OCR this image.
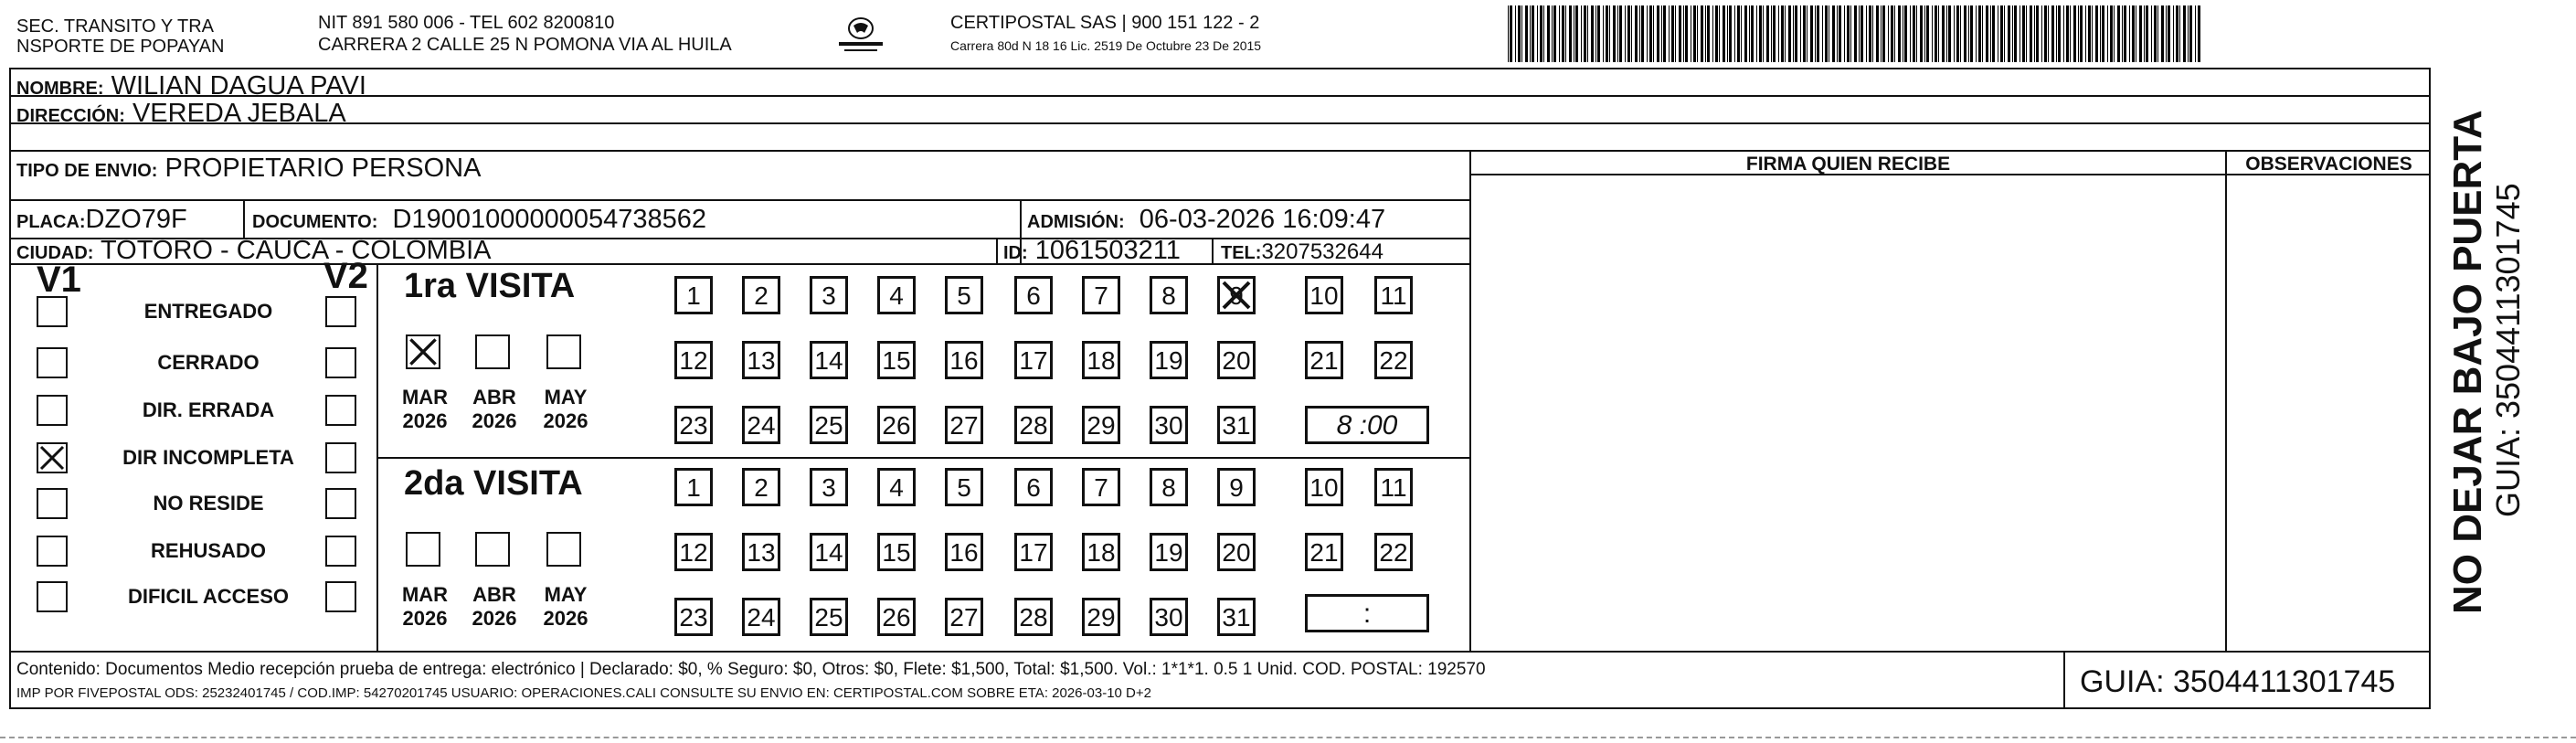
SEC. TRANSITO Y TRA
NSPORTE DE POPAYAN
NIT 891 580 006 - TEL 602 8200810
CARRERA 2 CALLE 25 N POMONA VIA AL HUILA
CERTIPOSTAL SAS | 900 151 122 - 2
Carrera 80d N 18 16 Lic. 2519 De Octubre 23 De 2015
NOMBRE: WILIAN DAGUA PAVI
DIRECCIÓN: VEREDA JEBALA
TIPO DE ENVIO: PROPIETARIO PERSONA	FIRMA QUIEN RECIBE	OBSERVACIONES
PLACA:DZO79F	DOCUMENTO: D19001000000054738562	ADMISIÓN: 06-03-2026 16:09:47
CIUDAD: TOTORO - CAUCA - COLOMBIA	ID: 1061503211 TEL:3207532644
V1	V2
ENTREGADO
CERRADO
DIR. ERRADA
DIR INCOMPLETA
NO RESIDE
REHUSADO
DIFICIL ACCESO
1ra VISITA
2da VISITA
MAR
2026
ABR
2026
MAY
2026
MAR
2026
ABR
2026
MAY
2026
1	2	3	4	5	6	7	8	9	10 11
12 13 14 15 16 17 18 19 20 21 22
23 24 25 26 27 28 29 30 31
1	2	3	4	5	6	7	8	9	10 11
12 13 14 15 16 17 18 19 20 21 22
23 24 25 26 27 28 29 30 31
8 :00
:
Contenido: Documentos Medio recepción prueba de entrega: electrónico | Declarado: $0, % Seguro: $0, Otros: $0, Flete: $1,500, Total: $1,500. Vol.: 1*1*1. 0.5 1 Unid. COD. POSTAL: 192570
IMP POR FIVEPOSTAL ODS: 25232401745 / COD.IMP: 54270201745 USUARIO: OPERACIONES.CALI CONSULTE SU ENVIO EN: CERTIPOSTAL.COM SOBRE ETA: 2026-03-10 D+2	GUIA: 3504411301745
NO DEJAR BAJO PUERTA GUIA: 3504411301745
